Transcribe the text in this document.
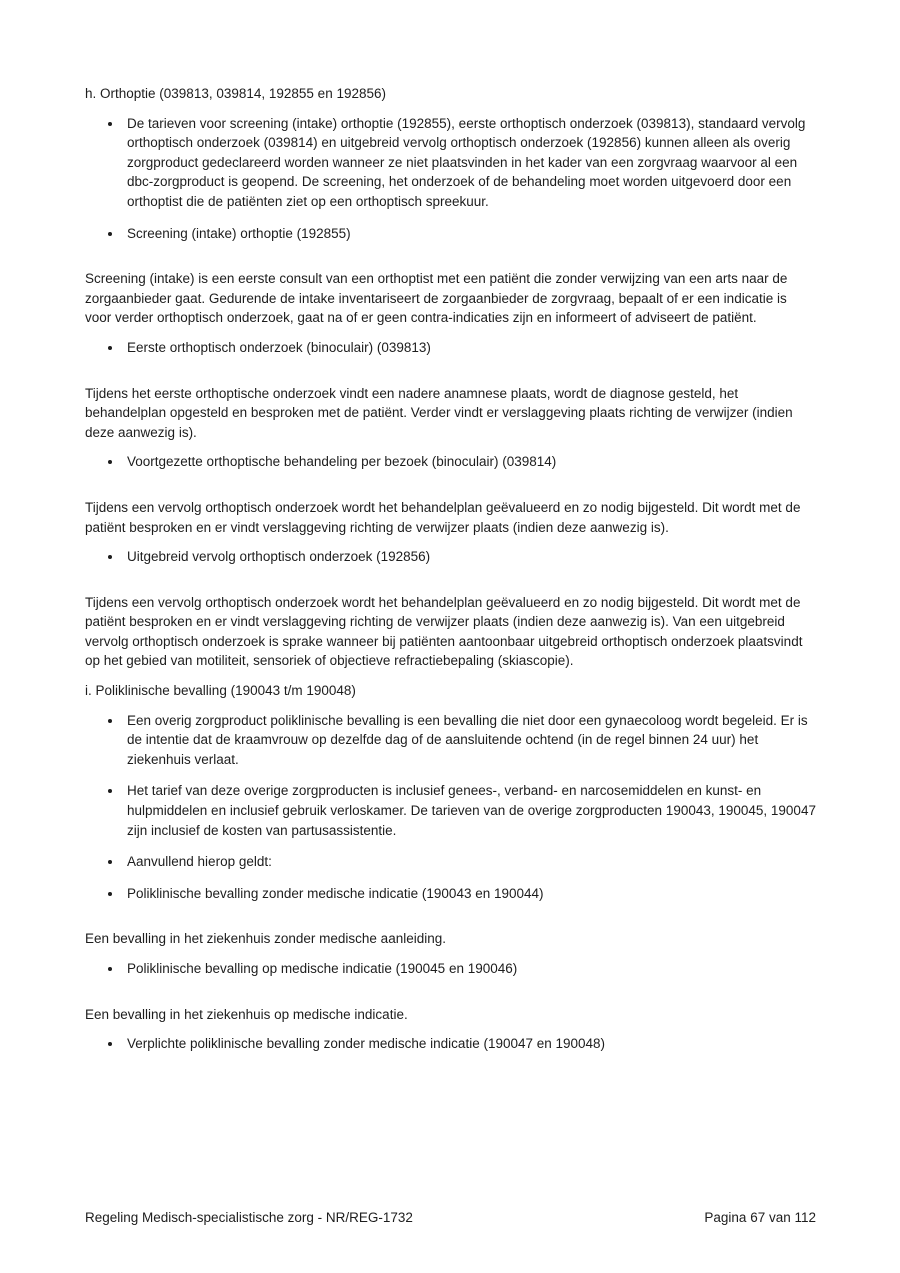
h. Orthoptie (039813, 039814, 192855 en 192856)

De tarieven voor screening (intake) orthoptie (192855), eerste orthoptisch onderzoek (039813), standaard vervolg orthoptisch onderzoek (039814) en uitgebreid vervolg orthoptisch onderzoek (192856) kunnen alleen als overig zorgproduct gedeclareerd worden wanneer ze niet plaatsvinden in het kader van een zorgvraag waarvoor al een dbc-zorgproduct is geopend. De screening, het onderzoek of de behandeling moet worden uitgevoerd door een orthoptist die de patiënten ziet op een orthoptisch spreekuur.
Screening (intake) orthoptie (192855)

Screening (intake) is een eerste consult van een orthoptist met een patiënt die zonder verwijzing van een arts naar de zorgaanbieder gaat. Gedurende de intake inventariseert de zorgaanbieder de zorgvraag, bepaalt of er een indicatie is voor verder orthoptisch onderzoek, gaat na of er geen contra-indicaties zijn en informeert of adviseert de patiënt.

Eerste orthoptisch onderzoek (binoculair) (039813)

Tijdens het eerste orthoptische onderzoek vindt een nadere anamnese plaats, wordt de diagnose gesteld, het behandelplan opgesteld en besproken met de patiënt. Verder vindt er verslaggeving plaats richting de verwijzer (indien deze aanwezig is).

Voortgezette orthoptische behandeling per bezoek (binoculair) (039814)

Tijdens een vervolg orthoptisch onderzoek wordt het behandelplan geëvalueerd en zo nodig bijgesteld. Dit wordt met de patiënt besproken en er vindt verslaggeving richting de verwijzer plaats (indien deze aanwezig is).

Uitgebreid vervolg orthoptisch onderzoek (192856)

Tijdens een vervolg orthoptisch onderzoek wordt het behandelplan geëvalueerd en zo nodig bijgesteld. Dit wordt met de patiënt besproken en er vindt verslaggeving richting de verwijzer plaats (indien deze aanwezig is). Van een uitgebreid vervolg orthoptisch onderzoek is sprake wanneer bij patiënten aantoonbaar uitgebreid orthoptisch onderzoek plaatsvindt op het gebied van motiliteit, sensoriek of objectieve refractiebepaling (skiascopie).

i. Poliklinische bevalling (190043 t/m 190048)

Een overig zorgproduct poliklinische bevalling is een bevalling die niet door een gynaecoloog wordt begeleid. Er is de intentie dat de kraamvrouw op dezelfde dag of de aansluitende ochtend (in de regel binnen 24 uur) het ziekenhuis verlaat.
Het tarief van deze overige zorgproducten is inclusief genees-, verband- en narcosemiddelen en kunst- en hulpmiddelen en inclusief gebruik verloskamer. De tarieven van de overige zorgproducten 190043, 190045, 190047 zijn inclusief de kosten van partusassistentie.
Aanvullend hierop geldt:
Poliklinische bevalling zonder medische indicatie (190043 en 190044)

Een bevalling in het ziekenhuis zonder medische aanleiding.

Poliklinische bevalling op medische indicatie (190045 en 190046)

Een bevalling in het ziekenhuis op medische indicatie.

Verplichte poliklinische bevalling zonder medische indicatie (190047 en 190048)
Regeling Medisch-specialistische zorg - NR/REG-1732	Pagina 67 van 112
